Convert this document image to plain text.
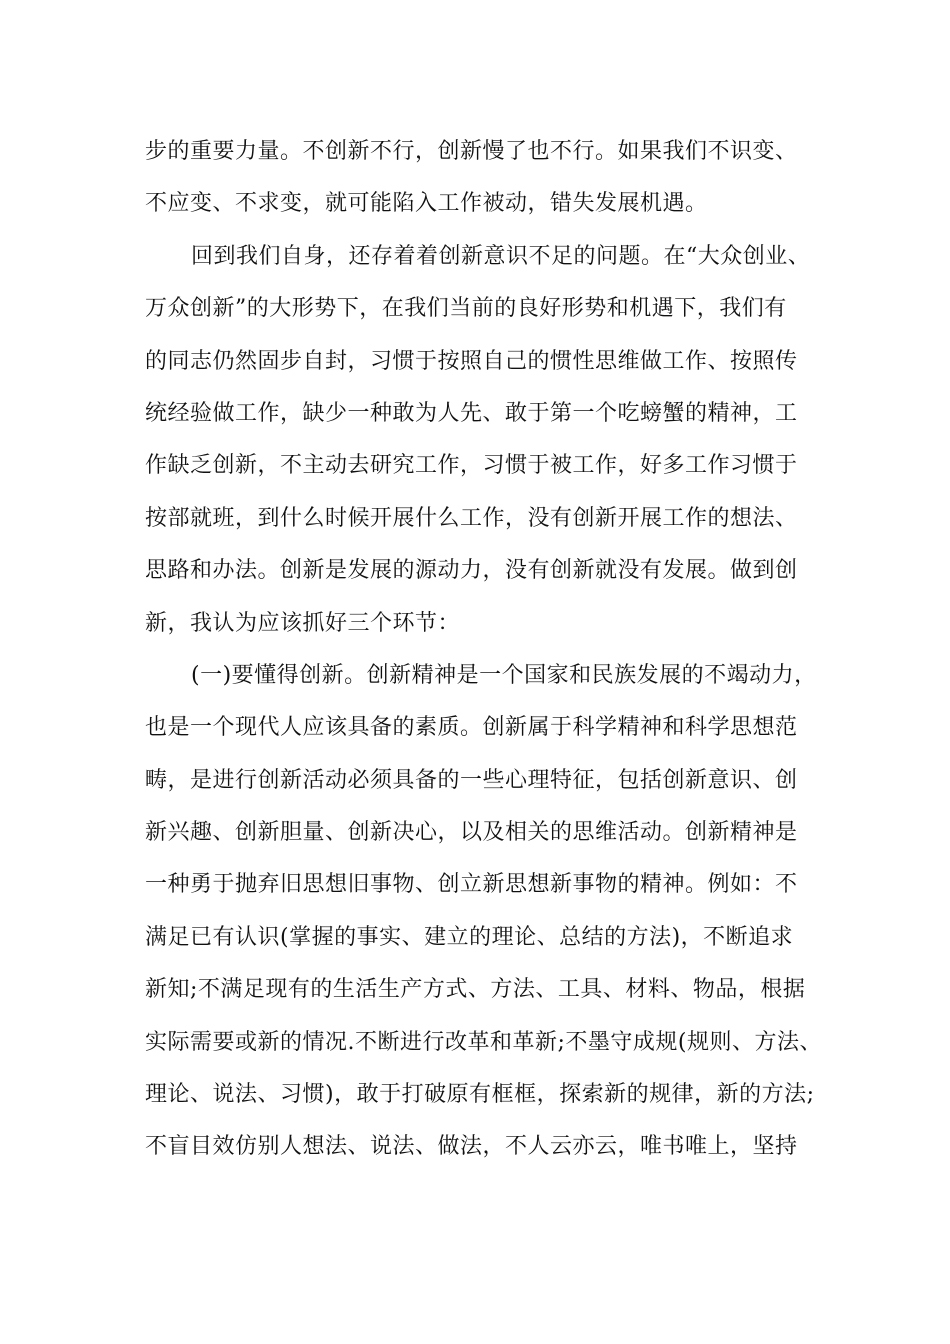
步的重要力量。不创新不行，创新慢了也不行。如果我们不识变、
不应变、不求变，就可能陷入工作被动，错失发展机遇。
回到我们自身，还存着着创新意识不足的问题。在“大众创业、
万众创新”的大形势下，在我们当前的良好形势和机遇下，我们有
的同志仍然固步自封，习惯于按照自己的惯性思维做工作、按照传
统经验做工作，缺少一种敢为人先、敢于第一个吃螃蟹的精神，工
作缺乏创新，不主动去研究工作，习惯于被工作，好多工作习惯于
按部就班，到什么时候开展什么工作，没有创新开展工作的想法、
思路和办法。创新是发展的源动力，没有创新就没有发展。做到创
新，我认为应该抓好三个环节：
(一)要懂得创新。创新精神是一个国家和民族发展的不竭动力，
也是一个现代人应该具备的素质。创新属于科学精神和科学思想范
畴，是进行创新活动必须具备的一些心理特征，包括创新意识、创
新兴趣、创新胆量、创新决心，以及相关的思维活动。创新精神是
一种勇于抛弃旧思想旧事物、创立新思想新事物的精神。例如：不
满足已有认识(掌握的事实、建立的理论、总结的方法)，不断追求
新知;不满足现有的生活生产方式、方法、工具、材料、物品，根据
实际需要或新的情况.不断进行改革和革新;不墨守成规(规则、方法、
理论、说法、习惯)，敢于打破原有框框，探索新的规律，新的方法;
不盲目效仿别人想法、说法、做法，不人云亦云，唯书唯上，坚持
